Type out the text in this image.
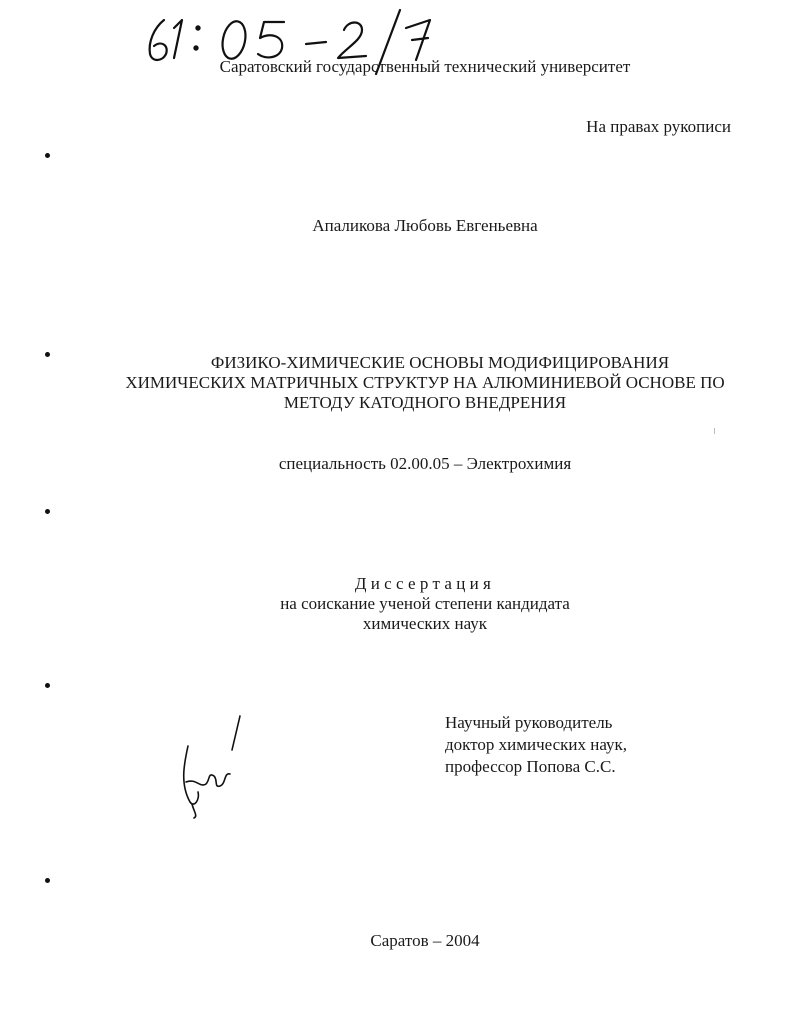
Саратовский государственный технический университет

На правах рукописи

Апаликова Любовь Евгеньевна

ФИЗИКО-ХИМИЧЕСКИЕ ОСНОВЫ МОДИФИЦИРОВАНИЯ
ХИМИЧЕСКИХ МАТРИЧНЫХ СТРУКТУР НА АЛЮМИНИЕВОЙ ОСНОВЕ ПО
МЕТОДУ КАТОДНОГО ВНЕДРЕНИЯ

специальность 02.00.05 – Электрохимия

Диссертация
на соискание ученой степени кандидата
химических наук
Научный руководитель
доктор химических наук,
профессор Попова С.С.

Саратов – 2004
